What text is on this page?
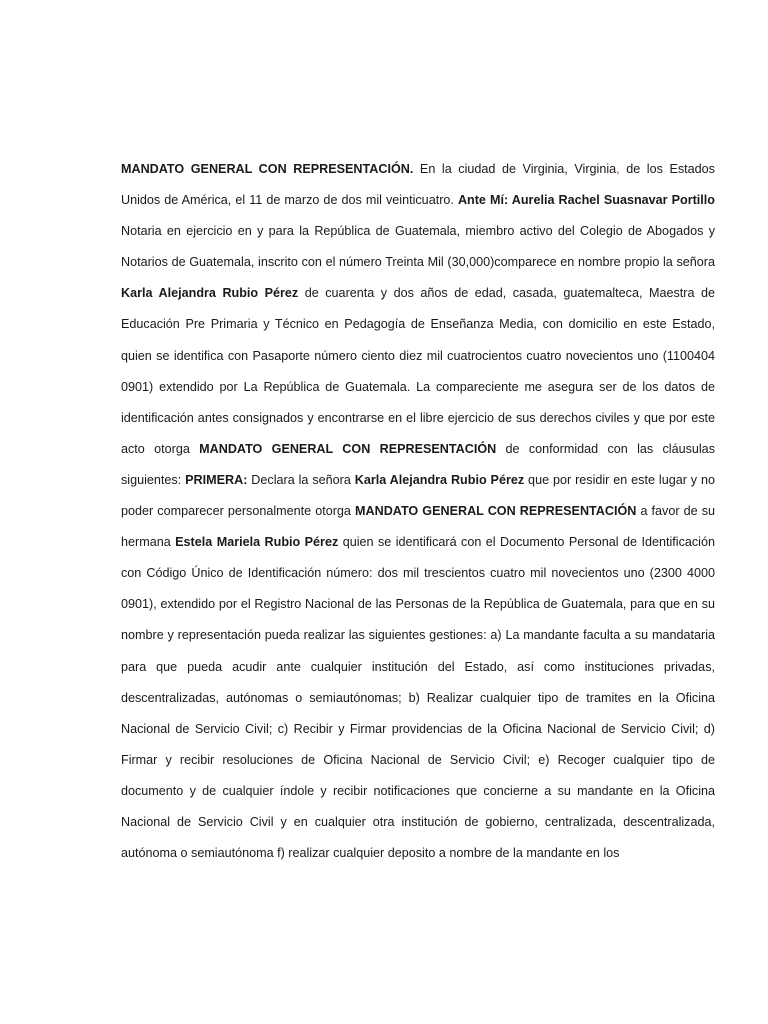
MANDATO GENERAL CON REPRESENTACIÓN. En la ciudad de Virginia, Virginia, de los Estados Unidos de América, el 11 de marzo de dos mil veinticuatro. Ante Mí: Aurelia Rachel Suasnavar Portillo Notaria en ejercicio en y para la República de Guatemala, miembro activo del Colegio de Abogados y Notarios de Guatemala, inscrito con el número Treinta Mil (30,000)comparece en nombre propio la señora Karla Alejandra Rubio Pérez de cuarenta y dos años de edad, casada, guatemalteca, Maestra de Educación Pre Primaria y Técnico en Pedagogía de Enseñanza Media, con domicilio en este Estado, quien se identifica con Pasaporte número ciento diez mil cuatrocientos cuatro novecientos uno (1100404 0901) extendido por La República de Guatemala. La compareciente me asegura ser de los datos de identificación antes consignados y encontrarse en el libre ejercicio de sus derechos civiles y que por este acto otorga MANDATO GENERAL CON REPRESENTACIÓN de conformidad con las cláusulas siguientes: PRIMERA: Declara la señora Karla Alejandra Rubio Pérez que por residir en este lugar y no poder comparecer personalmente otorga MANDATO GENERAL CON REPRESENTACIÓN a favor de su hermana Estela Mariela Rubio Pérez quien se identificará con el Documento Personal de Identificación con Código Único de Identificación número: dos mil trescientos cuatro mil novecientos uno (2300 4000 0901), extendido por el Registro Nacional de las Personas de la República de Guatemala, para que en su nombre y representación pueda realizar las siguientes gestiones: a) La mandante faculta a su mandataria para que pueda acudir ante cualquier institución del Estado, así como instituciones privadas, descentralizadas, autónomas o semiautónomas; b) Realizar cualquier tipo de tramites en la Oficina Nacional de Servicio Civil; c) Recibir y Firmar providencias de la Oficina Nacional de Servicio Civil; d) Firmar y recibir resoluciones de Oficina Nacional de Servicio Civil; e) Recoger cualquier tipo de documento y de cualquier índole y recibir notificaciones que concierne a su mandante en la Oficina Nacional de Servicio Civil y en cualquier otra institución de gobierno, centralizada, descentralizada, autónoma o semiautónoma f) realizar cualquier deposito a nombre de la mandante en los
